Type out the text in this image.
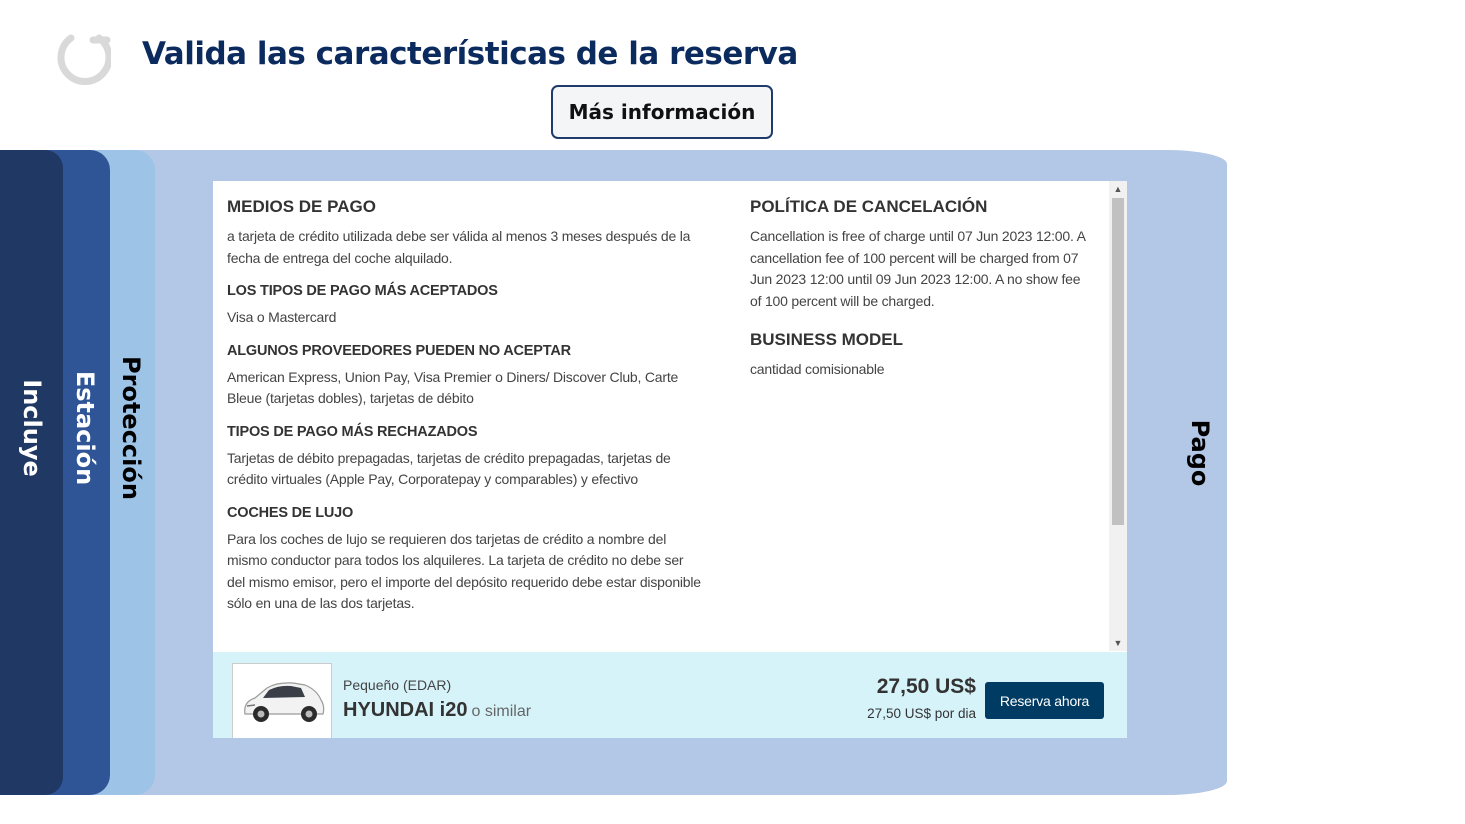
Valida las características de la reserva
Más información
Pago
MEDIOS DE PAGO
a tarjeta de crédito utilizada debe ser válida al menos 3 meses después de la fecha de entrega del coche alquilado.
LOS TIPOS DE PAGO MÁS ACEPTADOS
Visa o Mastercard
ALGUNOS PROVEEDORES PUEDEN NO ACEPTAR
American Express, Union Pay, Visa Premier o Diners/ Discover Club, Carte Bleue (tarjetas dobles), tarjetas de débito
TIPOS DE PAGO MÁS RECHAZADOS
Tarjetas de débito prepagadas, tarjetas de crédito prepagadas, tarjetas de crédito virtuales (Apple Pay, Corporatepay y comparables) y efectivo
COCHES DE LUJO
Para los coches de lujo se requieren dos tarjetas de crédito a nombre del mismo conductor para todos los alquileres. La tarjeta de crédito no debe ser del mismo emisor, pero el importe del depósito requerido debe estar disponible sólo en una de las dos tarjetas.
POLÍTICA DE CANCELACIÓN
Cancellation is free of charge until 07 Jun 2023 12:00. A cancellation fee of 100 percent will be charged from 07 Jun 2023 12:00 until 09 Jun 2023 12:00. A no show fee of 100 percent will be charged.
BUSINESS MODEL
cantidad comisionable
▲
▼
Pequeño (EDAR)
HYUNDAI i20 o similar
27,50 US$
27,50 US$ por dia
Reserva ahora
Protección
Estación
Incluye
